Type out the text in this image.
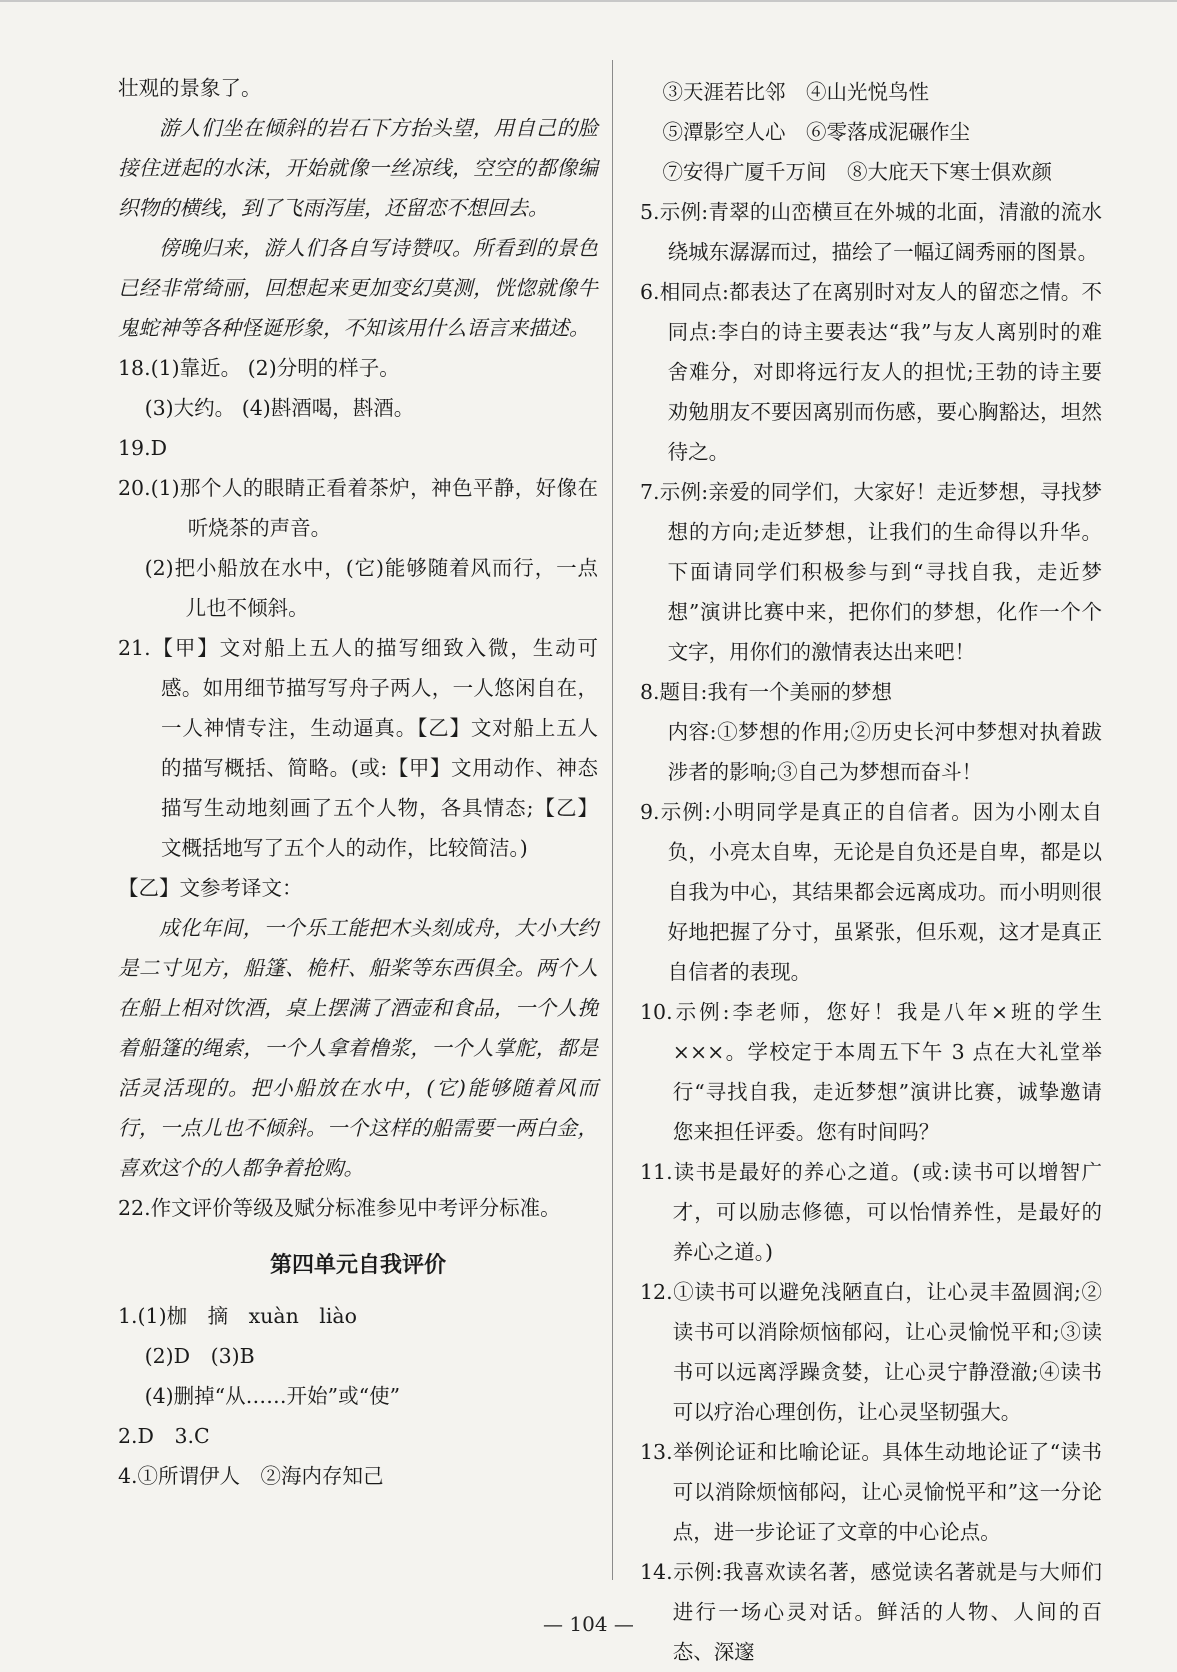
壮观的景象了。

游人们坐在倾斜的岩石下方抬头望，用自己的脸接住迸起的水沫，开始就像一丝凉线，空空的都像编织物的横线，到了飞雨泻崖，还留恋不想回去。

傍晚归来，游人们各自写诗赞叹。所看到的景色已经非常绮丽，回想起来更加变幻莫测，恍惚就像牛鬼蛇神等各种怪诞形象，不知该用什么语言来描述。

18.(1)靠近。 (2)分明的样子。

(3)大约。 (4)斟酒喝，斟酒。

19.D

20.(1)那个人的眼睛正看着茶炉，神色平静，好像在听烧茶的声音。

(2)把小船放在水中，(它)能够随着风而行，一点儿也不倾斜。

21.【甲】文对船上五人的描写细致入微，生动可感。如用细节描写写舟子两人，一人悠闲自在，一人神情专注，生动逼真。【乙】文对船上五人的描写概括、简略。(或:【甲】文用动作、神态描写生动地刻画了五个人物，各具情态;【乙】文概括地写了五个人的动作，比较简洁。)

【乙】文参考译文：

成化年间，一个乐工能把木头刻成舟，大小大约是二寸见方，船篷、桅杆、船桨等东西俱全。两个人在船上相对饮酒，桌上摆满了酒壶和食品，一个人挽着船篷的绳索，一个人拿着橹浆，一个人掌舵，都是活灵活现的。把小船放在水中，(它)能够随着风而行，一点儿也不倾斜。一个这样的船需要一两白金，喜欢这个的人都争着抢购。

22.作文评价等级及赋分标准参见中考评分标准。

第四单元自我评价

1.(1)枷　摘　xuàn　liào

(2)D　(3)B

(4)删掉“从……开始”或“使”

2.D　3.C

4.①所谓伊人　②海内存知己

③天涯若比邻　④山光悦鸟性

⑤潭影空人心　⑥零落成泥碾作尘

⑦安得广厦千万间　⑧大庇天下寒士俱欢颜

5.示例:青翠的山峦横亘在外城的北面，清澈的流水绕城东潺潺而过，描绘了一幅辽阔秀丽的图景。

6.相同点:都表达了在离别时对友人的留恋之情。不同点:李白的诗主要表达“我”与友人离别时的难舍难分，对即将远行友人的担忧;王勃的诗主要劝勉朋友不要因离别而伤感，要心胸豁达，坦然待之。

7.示例:亲爱的同学们，大家好！走近梦想，寻找梦想的方向;走近梦想，让我们的生命得以升华。下面请同学们积极参与到“寻找自我，走近梦想”演讲比赛中来，把你们的梦想，化作一个个文字，用你们的激情表达出来吧！

8.题目:我有一个美丽的梦想

内容:①梦想的作用;②历史长河中梦想对执着跋涉者的影响;③自己为梦想而奋斗！

9.示例:小明同学是真正的自信者。因为小刚太自负，小亮太自卑，无论是自负还是自卑，都是以自我为中心，其结果都会远离成功。而小明则很好地把握了分寸，虽紧张，但乐观，这才是真正自信者的表现。

10.示例:李老师，您好！我是八年×班的学生×××。学校定于本周五下午 3 点在大礼堂举行“寻找自我，走近梦想”演讲比赛，诚挚邀请您来担任评委。您有时间吗？

11.读书是最好的养心之道。(或:读书可以增智广才，可以励志修德，可以怡情养性，是最好的养心之道。)

12.①读书可以避免浅陋直白，让心灵丰盈圆润;②读书可以消除烦恼郁闷，让心灵愉悦平和;③读书可以远离浮躁贪婪，让心灵宁静澄澈;④读书可以疗治心理创伤，让心灵坚韧强大。

13.举例论证和比喻论证。具体生动地论证了“读书可以消除烦恼郁闷，让心灵愉悦平和”这一分论点，进一步论证了文章的中心论点。

14.示例:我喜欢读名著，感觉读名著就是与大师们进行一场心灵对话。鲜活的人物、人间的百态、深邃

— 104 —
